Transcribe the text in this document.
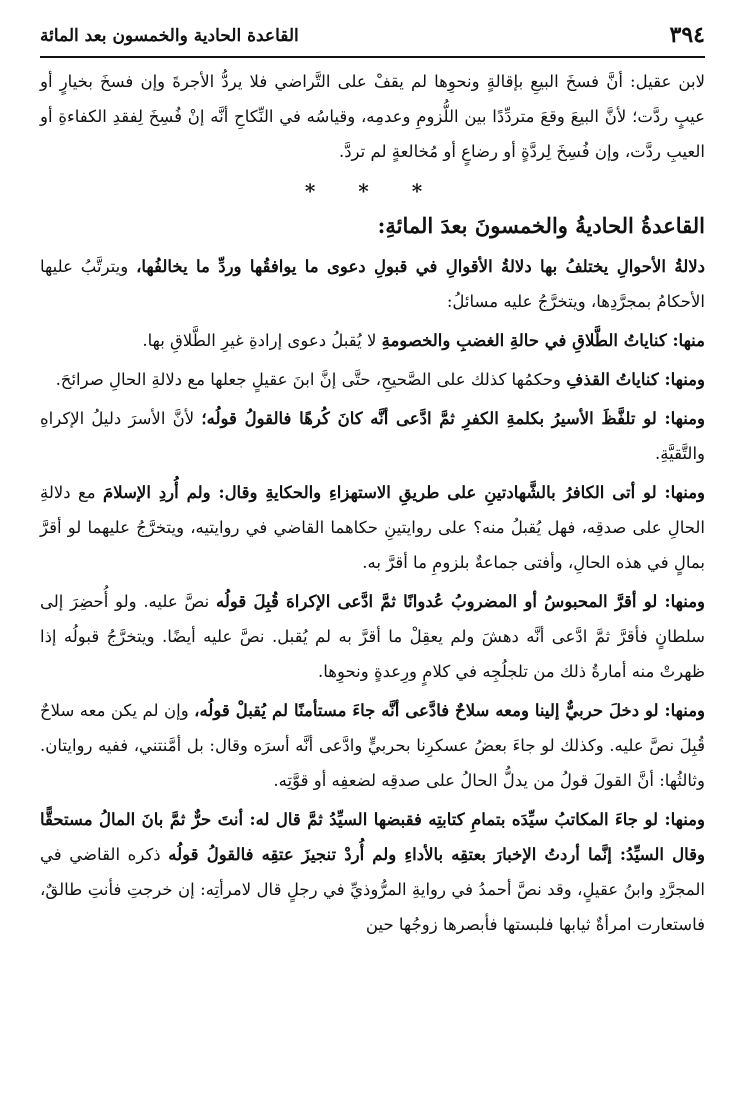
٣٩٤
القاعدة الحادية والخمسون بعد المائة

لابن عقيل: أنَّ فسخَ البيعِ بإقالةٍ ونحوِها لم يقفْ على التَّراضي فلا يردُّ الأجرةَ وإن فسخَ بخيارٍ أو عيبٍ ردَّت؛ لأنَّ البيعَ وقعَ متردِّدًا بين اللُّزومِ وعدمِه، وقياسُه في النِّكاحِ أنَّه إنْ فُسِخَ لِفقدِ الكفاءةِ أو العيبِ ردَّت، وإن فُسِخَ لِردَّةٍ أو رضاعٍ أو مُخالعةٍ لم تردَّ.

* * *

القاعدةُ الحاديةُ والخمسونَ بعدَ المائةِ:

دلالةُ الأحوالِ يختلفُ بها دلالةُ الأقوالِ في قبولِ دعوى ما يوافقُها وردِّ ما يخالفُها، ويترتَّبُ عليها الأحكامُ بمجرَّدِها، ويتخرَّجُ عليه مسائلُ:

منها: كناياتُ الطَّلاقِ في حالةِ الغضبِ والخصومةِ لا يُقبلُ دعوى إرادةِ غيرِ الطَّلاقِ بها.

ومنها: كناياتُ القذفِ وحكمُها كذلك على الصَّحيحِ، حتَّى إنَّ ابنَ عقيلٍ جعلها مع دلالةِ الحالِ صرائحَ.

ومنها: لو تلفَّظَ الأسيرُ بكلمةِ الكفرِ ثمَّ ادَّعى أنَّه كانَ كُرهًا فالقولُ قولُه؛ لأنَّ الأسرَ دليلُ الإكراهِ والتَّقيَّةِ.

ومنها: لو أتى الكافرُ بالشَّهادتينِ على طريقِ الاستهزاءِ والحكايةِ وقال: ولم أُردِ الإسلامَ مع دلالةِ الحالِ على صدقِه، فهل يُقبلُ منه؟ على روايتينِ حكاهما القاضي في روايتيه، ويتخرَّجُ عليهما لو أقرَّ بمالٍ في هذه الحالِ، وأفتى جماعةٌ بلزومِ ما أقرَّ به.

ومنها: لو أقرَّ المحبوسُ أو المضروبُ عُدوانًا ثمَّ ادَّعى الإكراهَ قُبِلَ قولُه نصَّ عليه. ولو أُحضِرَ إلى سلطانٍ فأقرَّ ثمَّ ادَّعى أنَّه دهشَ ولم يعقِلْ ما أقرَّ به لم يُقبل. نصَّ عليه أيضًا. ويتخرَّجُ قبولُه إذا ظهرتْ منه أمارةُ ذلك من تلجلُجِه في كلامٍ ورِعدةٍ ونحوِها.

ومنها: لو دخلَ حربيٌّ إلينا ومعه سلاحٌ فادَّعى أنَّه جاءَ مستأمنًا لم يُقبلْ قولُه، وإن لم يكن معه سلاحٌ قُبِلَ نصَّ عليه. وكذلك لو جاءَ بعضُ عسكرِنا بحربيٍّ وادَّعى أنَّه أسرَه وقال: بل أمَّنتني، ففيه روايتان. وثالثُها: أنَّ القولَ قولُ من يدلُّ الحالُ على صدقِه لضعفِه أو قوَّتِه.

ومنها: لو جاءَ المكاتبُ سيِّدَه بتمامِ كتابتِه فقبضها السيِّدُ ثمَّ قال له: أنتَ حرٌّ ثمَّ بانَ المالُ مستحقًّا وقال السيِّدُ: إنَّما أردتُ الإخبارَ بعتقِه بالأداءِ ولم أُردْ تنجيزَ عتقِه فالقولُ قولُه ذكره القاضي في المجرَّدِ وابنُ عقيلٍ، وقد نصَّ أحمدُ في روايةِ المرُّوذيِّ في رجلٍ قال لامرأتِه: إن خرجتِ فأنتِ طالقٌ، فاستعارت امرأةٌ ثيابها فلبستها فأبصرها زوجُها حين
